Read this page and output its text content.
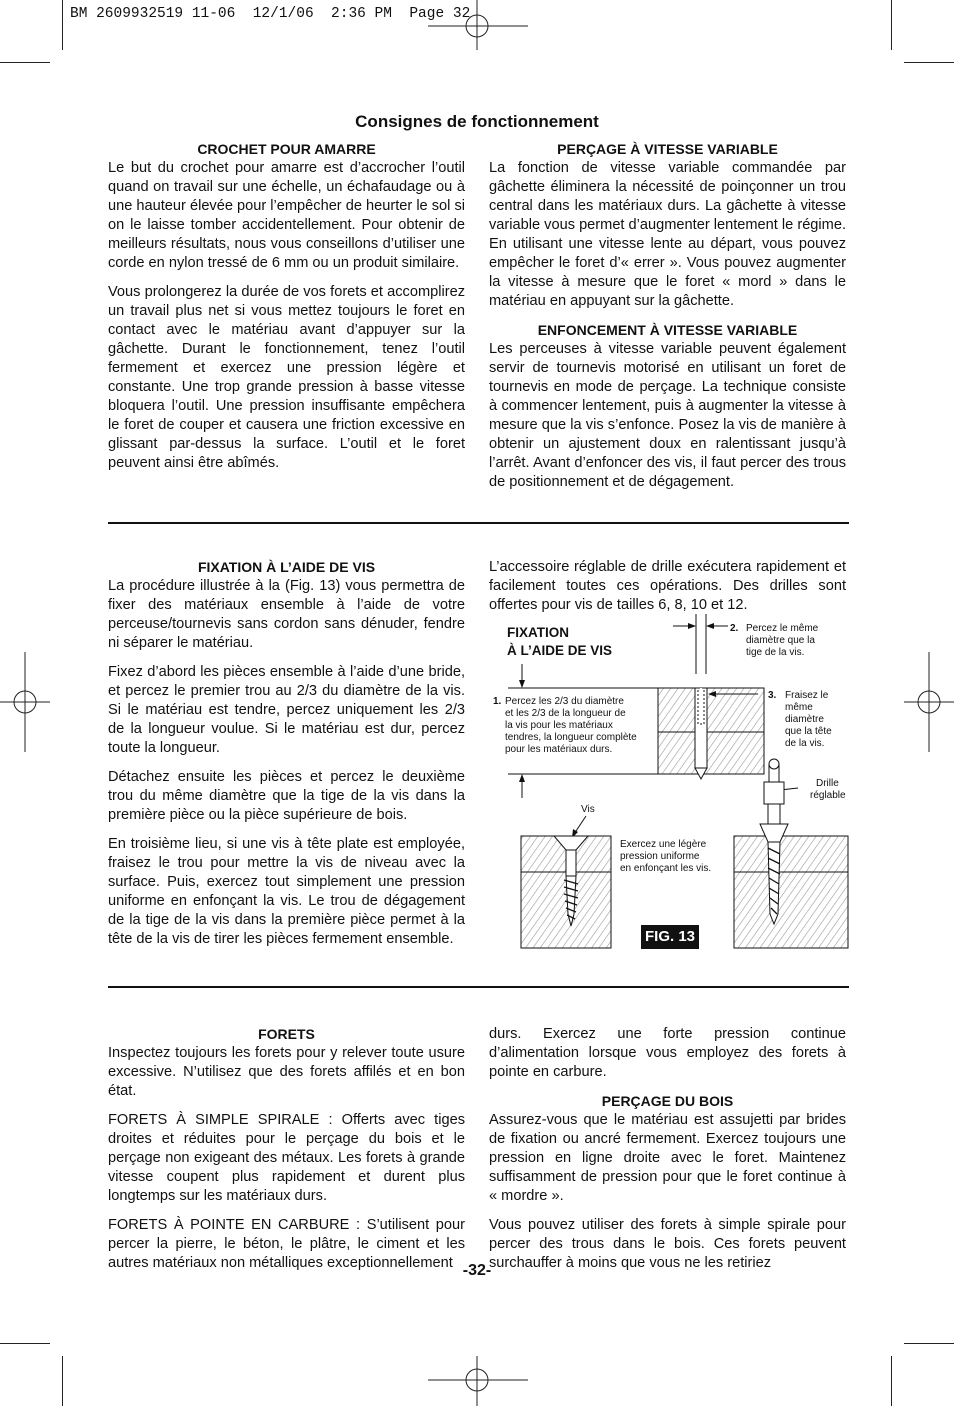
BM 2609932519 11-06  12/1/06  2:36 PM  Page 32
Consignes de fonctionnement
CROCHET POUR AMARRE

Le but du crochet pour amarre est d’accrocher l’outil quand on travail sur une échelle, un échafaudage ou à une hauteur élevée pour l’empêcher de heurter le sol si on le laisse tomber accidentellement. Pour obtenir de meilleurs résultats, nous vous conseillons d’utiliser une corde en nylon tressé de 6 mm ou un produit similaire.

Vous prolongerez la durée de vos forets et accomplirez un travail plus net si vous mettez toujours le foret en contact avec le matériau avant d’appuyer sur la gâchette. Durant le fonctionnement, tenez l’outil fermement et exercez une pression légère et constante. Une trop grande pression à basse vitesse bloquera l’outil. Une pression insuffisante empêchera le foret de couper et causera une friction excessive en glissant par-dessus la surface. L’outil et le foret peuvent ainsi être abîmés.

PERÇAGE À VITESSE VARIABLE

La fonction de vitesse variable commandée par gâchette éliminera la nécessité de poinçonner un trou central dans les matériaux durs. La gâchette à vitesse variable vous permet d’augmenter lentement le régime. En utilisant une vitesse lente au départ, vous pouvez empêcher le foret d’« errer ». Vous pouvez augmenter la vitesse à mesure que le foret « mord » dans le matériau en appuyant sur la gâchette.

ENFONCEMENT À VITESSE VARIABLE

Les perceuses à vitesse variable peuvent également servir de tournevis motorisé en utilisant un foret de tournevis en mode de perçage. La technique consiste à commencer lentement, puis à augmenter la vitesse à mesure que la vis s’enfonce. Posez la vis de manière à obtenir un ajustement doux en ralentissant jusqu’à l’arrêt. Avant d’enfoncer des vis, il faut percer des trous de positionnement et de dégagement.

FIXATION À L’AIDE DE VIS

La procédure illustrée à la (Fig. 13) vous permettra de fixer des matériaux ensemble à l’aide de votre perceuse/tournevis sans cordon sans dénuder, fendre ni séparer le matériau.

Fixez d’abord les pièces ensemble à l’aide d’une bride, et percez le premier trou au 2/3 du diamètre de la vis. Si le matériau est tendre, percez uniquement les 2/3 de la longueur voulue. Si le matériau est dur, percez toute la longueur.

Détachez ensuite les pièces et percez le deuxième trou du même diamètre que la tige de la vis dans la première pièce ou la pièce supérieure de bois.

En troisième lieu, si une vis à tête plate est employée, fraisez le trou pour mettre la vis de niveau avec la surface. Puis, exercez tout simplement une pression uniforme en enfonçant la vis. Le trou de dégagement de la tige de la vis dans la première pièce permet à la tête de la vis de tirer les pièces fermement ensemble.

L’accessoire réglable de drille exécutera rapidement et facilement toutes ces opérations. Des drilles sont offertes pour vis de tailles 6, 8, 10 et 12.

FIXATION
À L’AIDE DE VIS
1. Percez les 2/3 du diamètre
et les 2/3 de la longueur de
la vis pour les matériaux
tendres, la longueur complète
pour les matériaux durs.
2. Percez le même
diamètre que la
tige de la vis.
3. Fraisez le
même
diamètre
que la tête
de la vis.
Drille
réglable
Vis
Exercez une légère
pression uniforme
en enfonçant les vis.
FIG. 13
FORETS

Inspectez toujours les forets pour y relever toute usure excessive. N’utilisez que des forets affilés et en bon état.

FORETS À SIMPLE SPIRALE : Offerts avec tiges droites et réduites pour le perçage du bois et le perçage non exigeant des métaux. Les forets à grande vitesse coupent plus rapidement et durent plus longtemps sur les matériaux durs.

FORETS À POINTE EN CARBURE : S’utilisent pour percer la pierre, le béton, le plâtre, le ciment et les autres matériaux non métalliques exceptionnellement

durs. Exercez une forte pression continue d’alimentation lorsque vous employez des forets à pointe en carbure.

PERÇAGE DU BOIS

Assurez-vous que le matériau est assujetti par brides de fixation ou ancré fermement. Exercez toujours une pression en ligne droite avec le foret. Maintenez suffisamment de pression pour que le foret continue à « mordre ».

Vous pouvez utiliser des forets à simple spirale pour percer des trous dans le bois. Ces forets peuvent surchauffer à moins que vous ne les retiriez

-32-
